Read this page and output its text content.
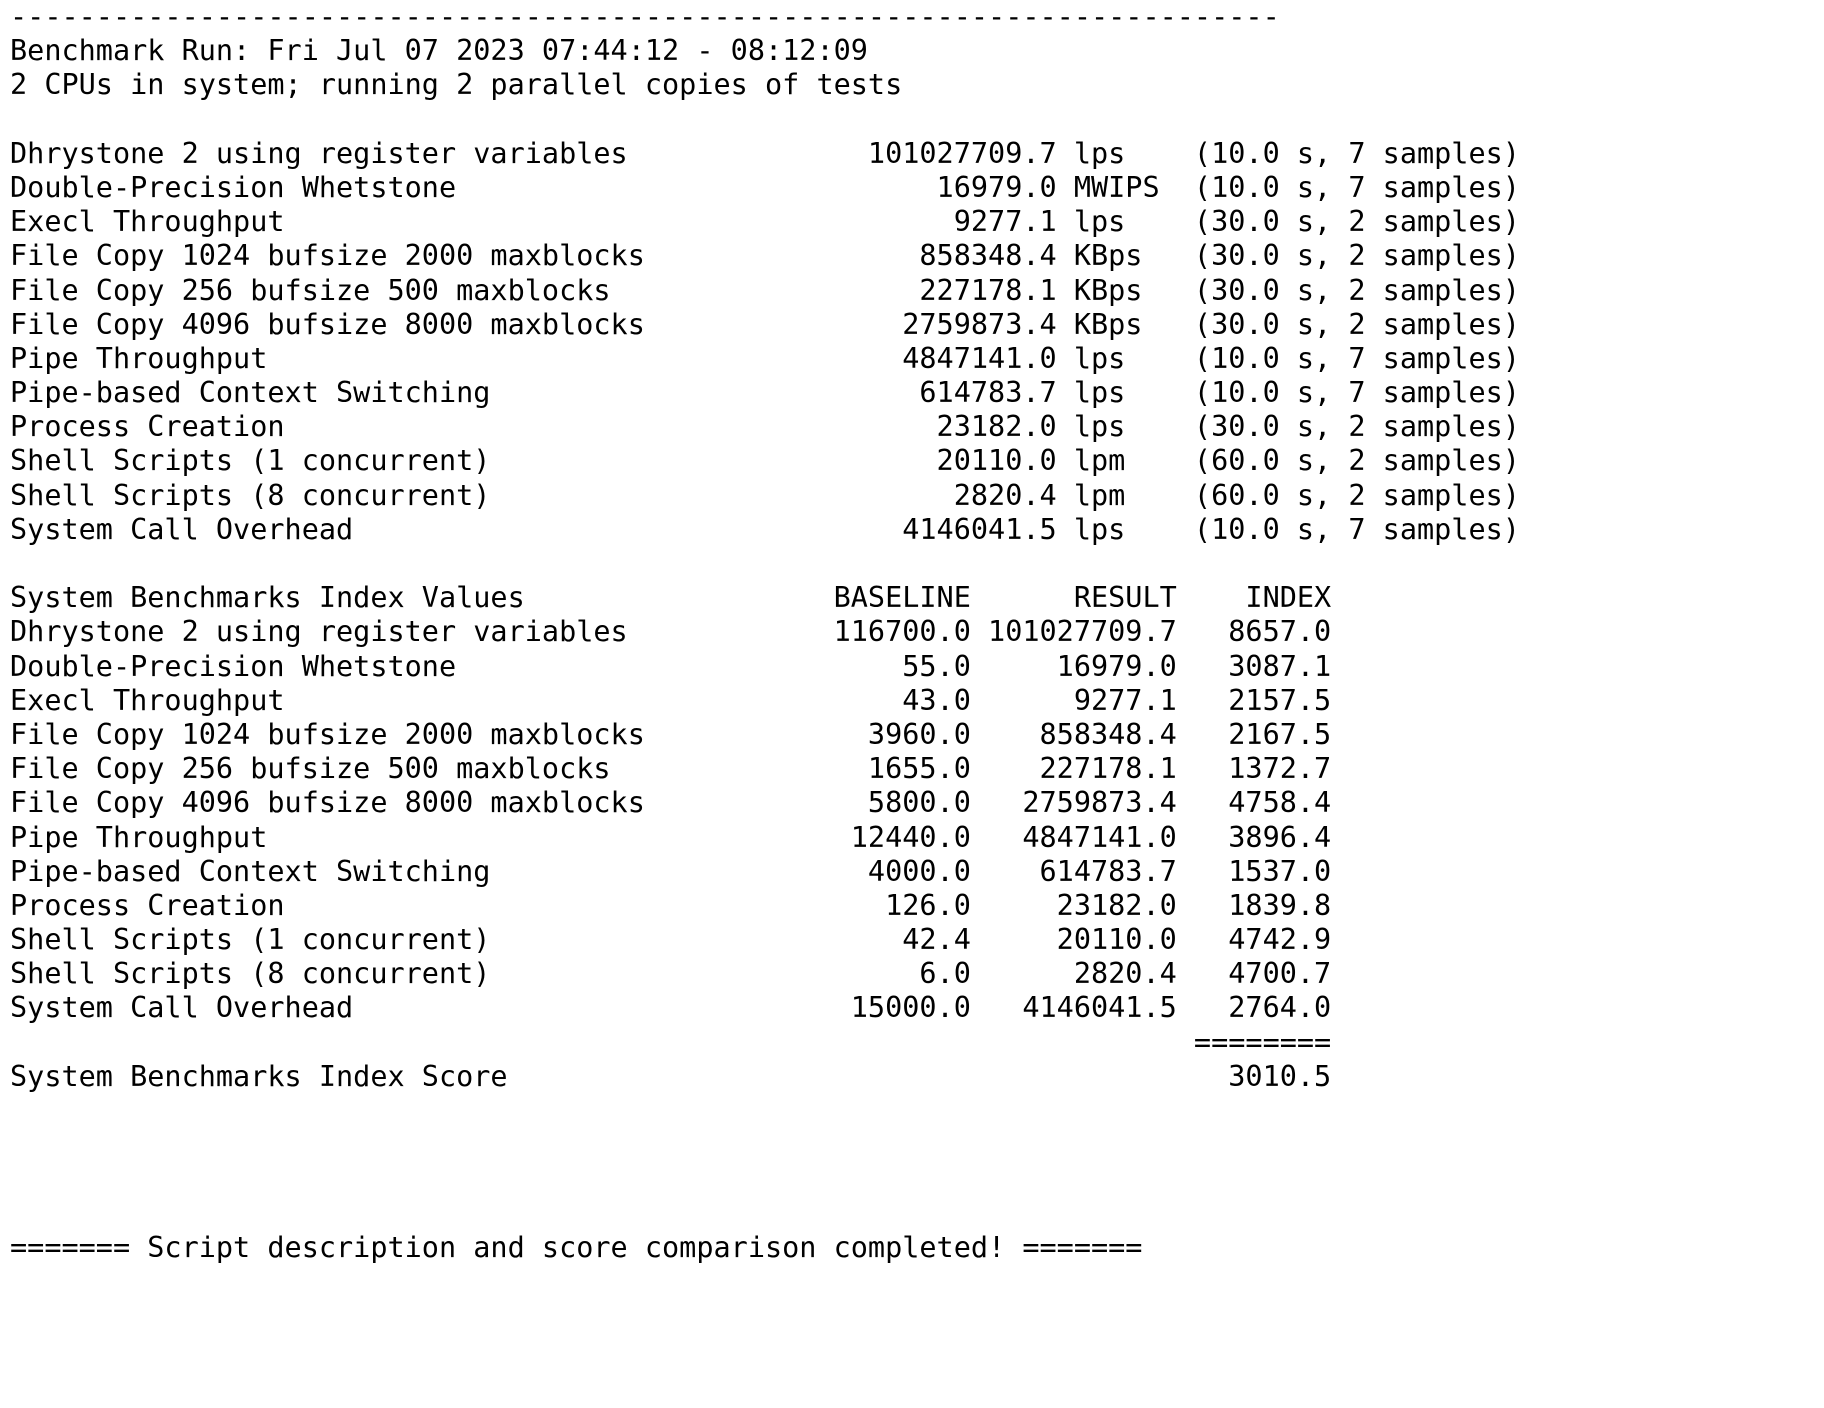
--------------------------------------------------------------------------
Benchmark Run: Fri Jul 07 2023 07:44:12 - 08:12:09
2 CPUs in system; running 2 parallel copies of tests
Dhrystone 2 using register variables              101027709.7 lps    (10.0 s, 7 samples)
Double-Precision Whetstone                            16979.0 MWIPS  (10.0 s, 7 samples)
Execl Throughput                                       9277.1 lps    (30.0 s, 2 samples)
File Copy 1024 bufsize 2000 maxblocks                858348.4 KBps   (30.0 s, 2 samples)
File Copy 256 bufsize 500 maxblocks                  227178.1 KBps   (30.0 s, 2 samples)
File Copy 4096 bufsize 8000 maxblocks               2759873.4 KBps   (30.0 s, 2 samples)
Pipe Throughput                                     4847141.0 lps    (10.0 s, 7 samples)
Pipe-based Context Switching                         614783.7 lps    (10.0 s, 7 samples)
Process Creation                                      23182.0 lps    (30.0 s, 2 samples)
Shell Scripts (1 concurrent)                          20110.0 lpm    (60.0 s, 2 samples)
Shell Scripts (8 concurrent)                           2820.4 lpm    (60.0 s, 2 samples)
System Call Overhead                                4146041.5 lps    (10.0 s, 7 samples)
System Benchmarks Index Values                  BASELINE      RESULT    INDEX
Dhrystone 2 using register variables            116700.0 101027709.7   8657.0
Double-Precision Whetstone                          55.0     16979.0   3087.1
Execl Throughput                                    43.0      9277.1   2157.5
File Copy 1024 bufsize 2000 maxblocks             3960.0    858348.4   2167.5
File Copy 256 bufsize 500 maxblocks               1655.0    227178.1   1372.7
File Copy 4096 bufsize 8000 maxblocks             5800.0   2759873.4   4758.4
Pipe Throughput                                  12440.0   4847141.0   3896.4
Pipe-based Context Switching                      4000.0    614783.7   1537.0
Process Creation                                   126.0     23182.0   1839.8
Shell Scripts (1 concurrent)                        42.4     20110.0   4742.9
Shell Scripts (8 concurrent)                         6.0      2820.4   4700.7
System Call Overhead                             15000.0   4146041.5   2764.0
========
System Benchmarks Index Score                                          3010.5
======= Script description and score comparison completed! =======
